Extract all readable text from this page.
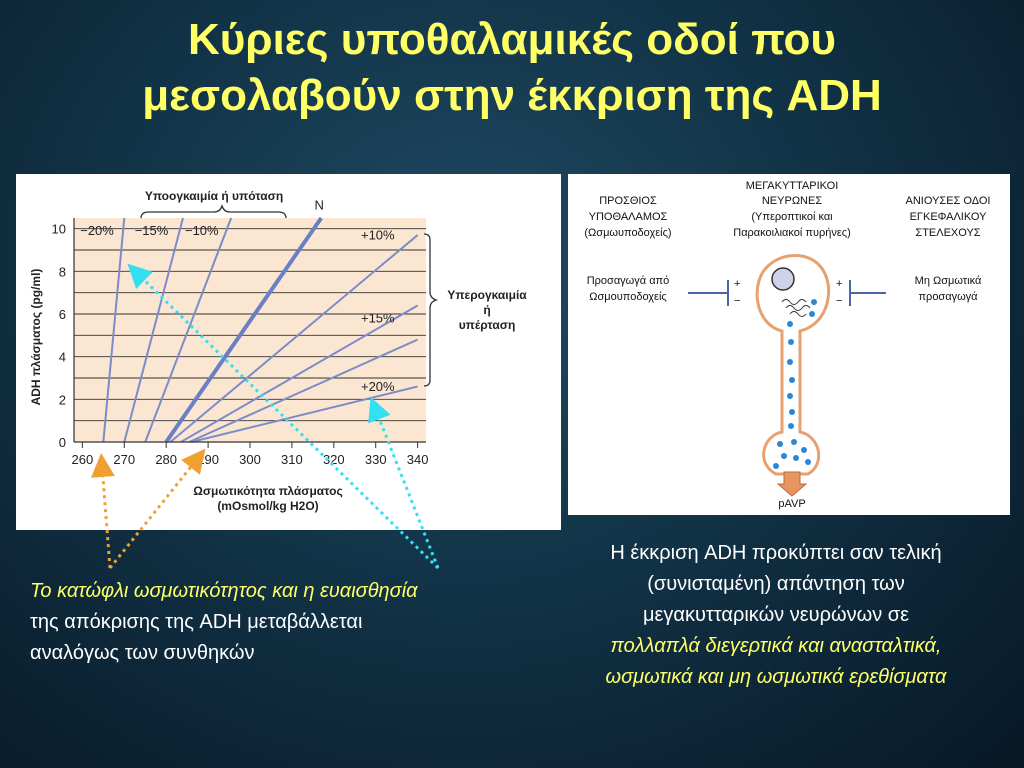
Κύριες υποθαλαμικές οδοί που
μεσολαβούν στην έκκριση της ADH
260 270 280 290 300 310 320 330 340
0
2
4
6
8
10 −20% −15% −10%
N
+10%
+15%
+20%
Υποογκαιμία ή υπόταση
Υπερογκαιμία
ή
υπέρταση
ADH πλάσματος (pg/ml)
Ωσμωτικότητα πλάσματος
(mOsmol/kg H2O)
ΠΡΟΣΘΙΟΣ
ΥΠΟΘΑΛΑΜΟΣ
(Ωσμωυποδοχείς)
ΜΕΓΑΚΥΤΤΑΡΙΚΟΙ
ΝΕΥΡΩΝΕΣ
(Υπεροπτικοί και
Παρακοιλιακοί πυρήνες)
ΑΝΙΟΥΣΕΣ ΟΔΟΙ
ΕΓΚΕΦΑΛΙΚΟΥ
ΣΤΕΛΕΧΟΥΣ
Προσαγωγά από
Ωσμουποδοχείς
Μη Ωσμωτικά
προσαγωγά
+
−
+
−
pAVP
Το κατώφλι ωσμωτικότητος και η ευαισθησία
της απόκρισης της ADH μεταβάλλεται
αναλόγως των συνθηκών
Η έκκριση ADH προκύπτει σαν τελική
(συνισταμένη) απάντηση των
μεγακυτταρικών νευρώνων σε
πολλαπλά διεγερτικά και ανασταλτικά,
ωσμωτικά και μη ωσμωτικά ερεθίσματα
